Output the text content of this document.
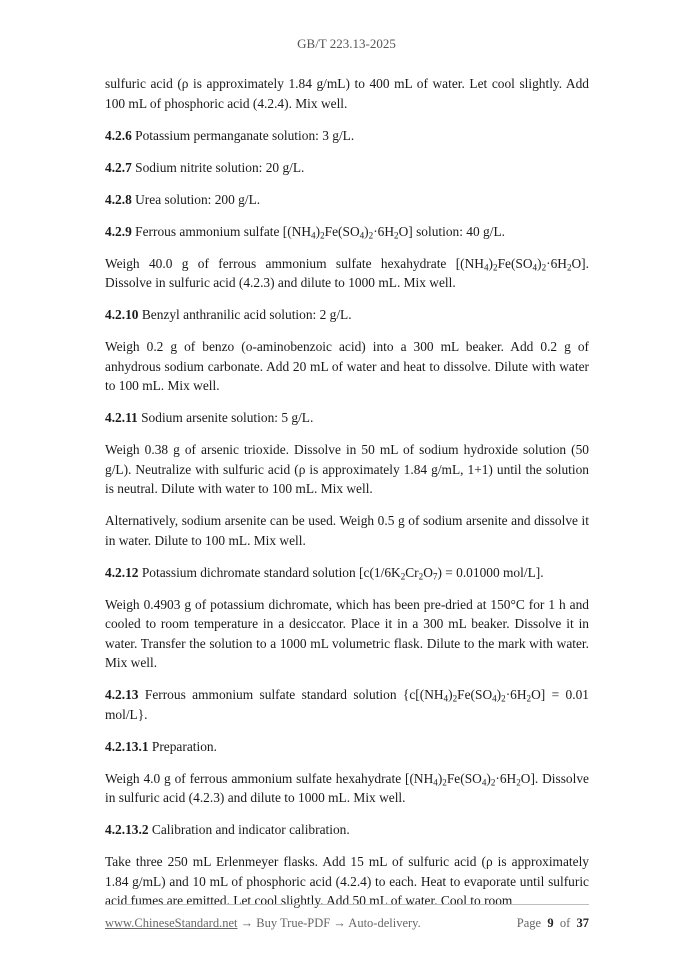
GB/T 223.13-2025

sulfuric acid (ρ is approximately 1.84 g/mL) to 400 mL of water. Let cool slightly. Add 100 mL of phosphoric acid (4.2.4). Mix well.

4.2.6 Potassium permanganate solution: 3 g/L.

4.2.7 Sodium nitrite solution: 20 g/L.

4.2.8 Urea solution: 200 g/L.

4.2.9 Ferrous ammonium sulfate $[(NH_4)_2Fe(SO_4)_2\cdot 6H_2O]$ solution: 40 g/L.

Weigh 40.0 g of ferrous ammonium sulfate hexahydrate $[(NH_4)_2Fe(SO_4)_2\cdot 6H_2O]$. Dissolve in sulfuric acid (4.2.3) and dilute to 1000 mL. Mix well.

4.2.10 Benzyl anthranilic acid solution: 2 g/L.

Weigh 0.2 g of benzo (o-aminobenzoic acid) into a 300 mL beaker. Add 0.2 g of anhydrous sodium carbonate. Add 20 mL of water and heat to dissolve. Dilute with water to 100 mL. Mix well.

4.2.11 Sodium arsenite solution: 5 g/L.

Weigh 0.38 g of arsenic trioxide. Dissolve in 50 mL of sodium hydroxide solution (50 g/L). Neutralize with sulfuric acid (ρ is approximately 1.84 g/mL, 1+1) until the solution is neutral. Dilute with water to 100 mL. Mix well.

Alternatively, sodium arsenite can be used. Weigh 0.5 g of sodium arsenite and dissolve it in water. Dilute to 100 mL. Mix well.

4.2.12 Potassium dichromate standard solution [$c(1/6K_2Cr_2O_7) = 0.01000$ mol/L].

Weigh 0.4903 g of potassium dichromate, which has been pre-dried at 150°C for 1 h and cooled to room temperature in a desiccator. Place it in a 300 mL beaker. Dissolve it in water. Transfer the solution to a 1000 mL volumetric flask. Dilute to the mark with water. Mix well.

4.2.13 Ferrous ammonium sulfate standard solution {$c[(NH_4)_2Fe(SO_4)_2\cdot 6H_2O] = 0.01$ mol/L}.

4.2.13.1 Preparation.

Weigh 4.0 g of ferrous ammonium sulfate hexahydrate $[(NH_4)_2Fe(SO_4)_2\cdot 6H_2O]$. Dissolve in sulfuric acid (4.2.3) and dilute to 1000 mL. Mix well.

4.2.13.2 Calibration and indicator calibration.

Take three 250 mL Erlenmeyer flasks. Add 15 mL of sulfuric acid (ρ is approximately 1.84 g/mL) and 10 mL of phosphoric acid (4.2.4) to each. Heat to evaporate until sulfuric acid fumes are emitted. Let cool slightly. Add 50 mL of water. Cool to room

www.ChineseStandard.net → Buy True-PDF → Auto-delivery.	Page 9 of 37
